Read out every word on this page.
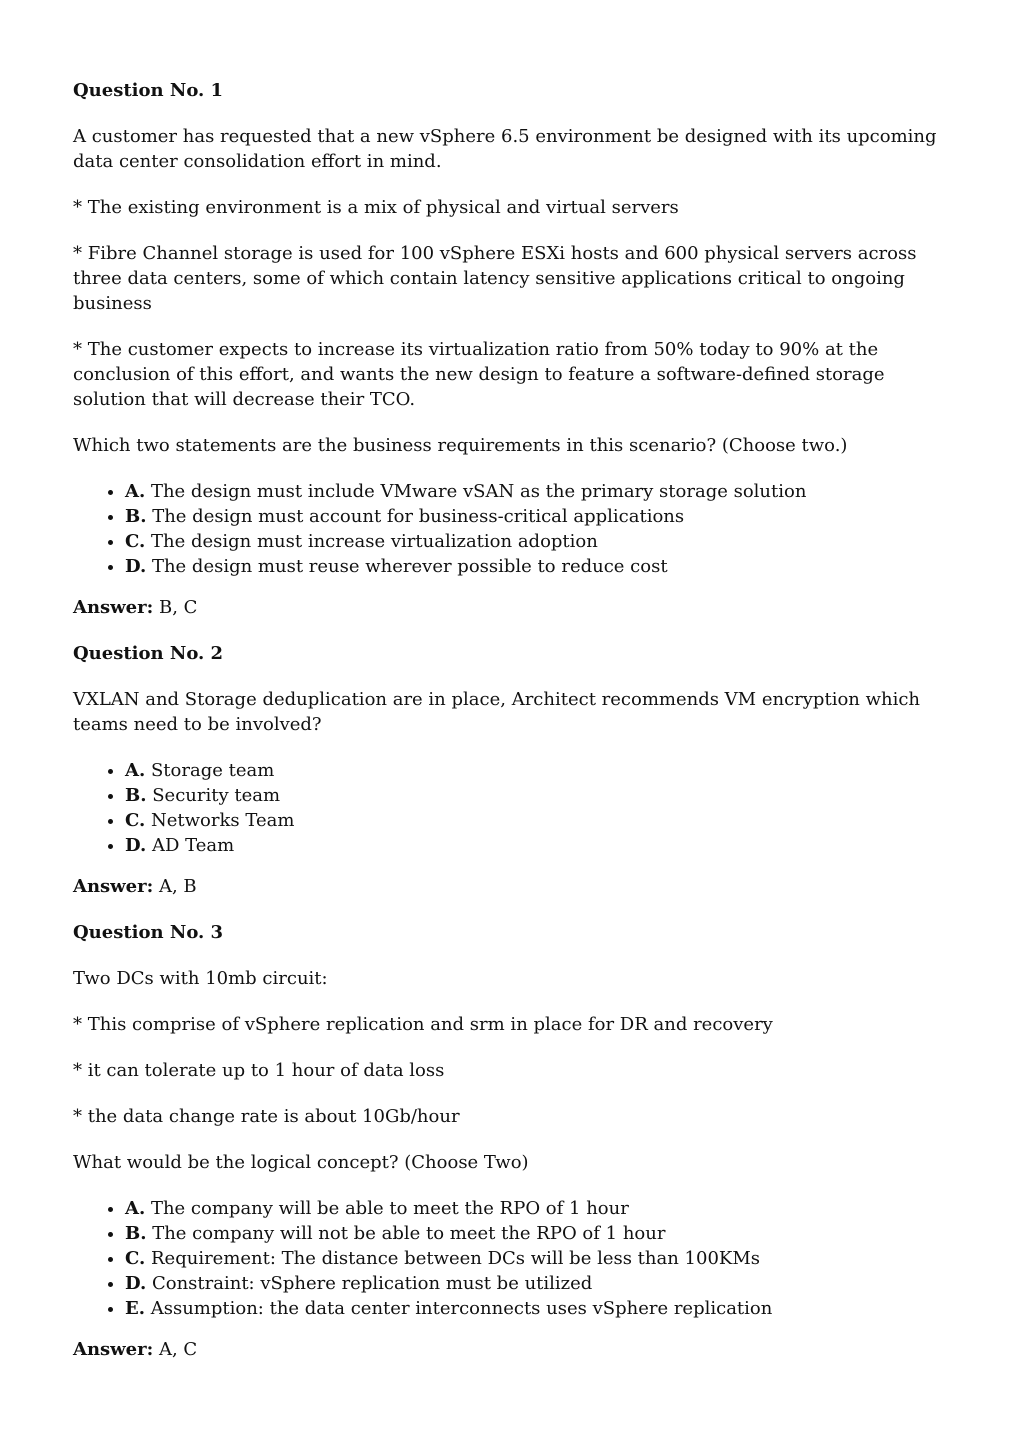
Question No. 1

A customer has requested that a new vSphere 6.5 environment be designed with its upcoming data center consolidation effort in mind.

* The existing environment is a mix of physical and virtual servers

* Fibre Channel storage is used for 100 vSphere ESXi hosts and 600 physical servers across three data centers, some of which contain latency sensitive applications critical to ongoing business

* The customer expects to increase its virtualization ratio from 50% today to 90% at the conclusion of this effort, and wants the new design to feature a software-defined storage solution that will decrease their TCO.

Which two statements are the business requirements in this scenario? (Choose two.)

• A. The design must include VMware vSAN as the primary storage solution
• B. The design must account for business-critical applications
• C. The design must increase virtualization adoption
• D. The design must reuse wherever possible to reduce cost

Answer: B, C

Question No. 2

VXLAN and Storage deduplication are in place, Architect recommends VM encryption which teams need to be involved?

• A. Storage team
• B. Security team
• C. Networks Team
• D. AD Team

Answer: A, B

Question No. 3

Two DCs with 10mb circuit:

* This comprise of vSphere replication and srm in place for DR and recovery

* it can tolerate up to 1 hour of data loss

* the data change rate is about 10Gb/hour

What would be the logical concept? (Choose Two)

• A. The company will be able to meet the RPO of 1 hour
• B. The company will not be able to meet the RPO of 1 hour
• C. Requirement: The distance between DCs will be less than 100KMs
• D. Constraint: vSphere replication must be utilized
• E. Assumption: the data center interconnects uses vSphere replication

Answer: A, C
